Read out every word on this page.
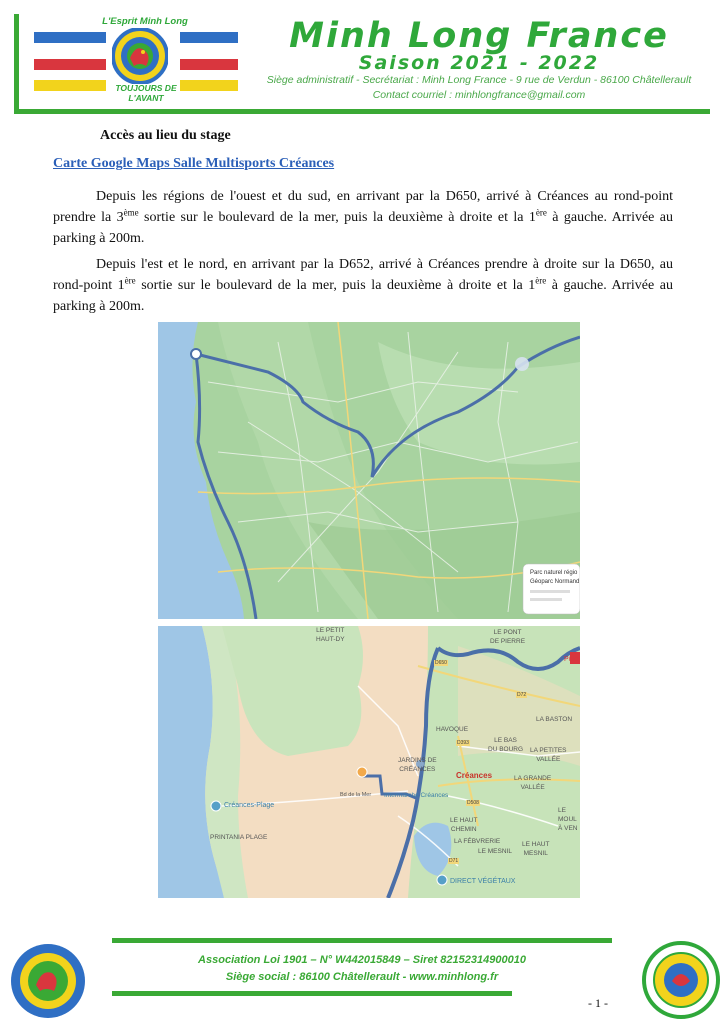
L'Esprit Minh Long
TOUJOURS DE L'AVANT
Minh Long France
Saison 2021 - 2022
Siège administratif - Secrétariat : Minh Long France - 9 rue de Verdun - 86100 Châtellerault
Contact courriel : minhlongfrance@gmail.com
Accès au lieu du stage
Carte Google Maps Salle Multisports Créances

Depuis les régions de l'ouest et du sud, en arrivant par la D650, arrivé à Créances au rond-point prendre la 3ème sortie sur le boulevard de la mer, puis la deuxième à droite et la 1ère à gauche. Arrivée au parking à 200m.

Depuis l'est et le nord, en arrivant par la D652, arrivé à Créances prendre à droite sur la D650, au rond-point 1ère sortie sur le boulevard de la mer, puis la deuxième à droite et la 1ère à gauche. Arrivée au parking à 200m.

Parc naturel régio
Géoparc Normand
LE PETIT
HAUT-DY
LE PONT
DE PIERRE
Pôle
D650
D72
LA BASTON
HAVOQUE
D393	LE BAS
DU BOURG LA PETITES
VALLÉE
JARDINS DE
CRÉANCES
Créances	LA GRANDE
VALLÉE
Créances-Plage
Bd de la Mer Intermarché Créances
D508
LE MOUL
À VEN
LE HAUT
CHEMIN
PRINTANIA PLAGE
LA FÉBVRERIE
LE MESNIL
LE HAUT
MESNIL
D71
DIRECT VÉGÉTAUX
Association Loi 1901 – N° W442015849 – Siret 82152314900010
Siège social : 86100 Châtellerault - www.minhlong.fr
- 1 -
